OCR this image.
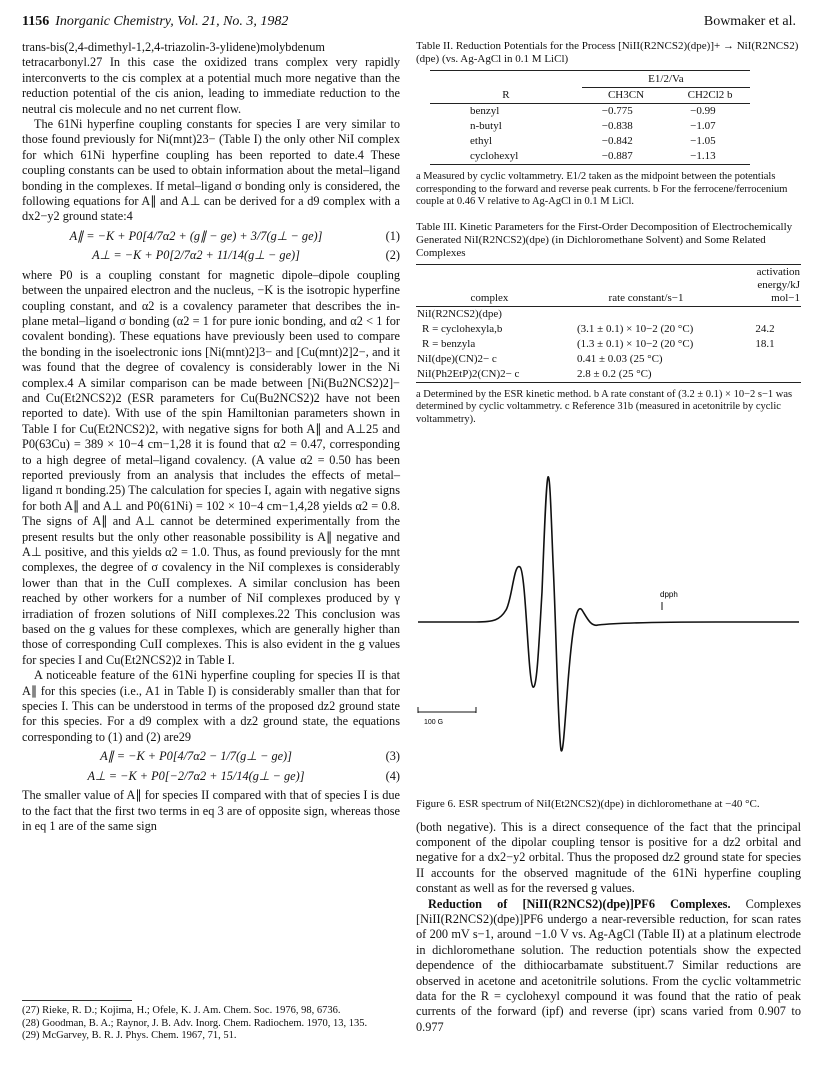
1156 Inorganic Chemistry, Vol. 21, No. 3, 1982	Bowmaker et al.

trans-bis(2,4-dimethyl-1,2,4-triazolin-3-ylidene)molybdenum tetracarbonyl.27 In this case the oxidized trans complex very rapidly interconverts to the cis complex at a potential much more negative than the reduction potential of the cis anion, leading to immediate reduction to the neutral cis molecule and no net current flow.

The 61Ni hyperfine coupling constants for species I are very similar to those found previously for Ni(mnt)23− (Table I) the only other NiI complex for which 61Ni hyperfine coupling has been reported to date.4 These coupling constants can be used to obtain information about the metal–ligand bonding in the complexes. If metal–ligand σ bonding only is considered, the following equations for A∥ and A⊥ can be derived for a d9 complex with a dx2−y2 ground state:4

A∥ = −K + P0[4/7α2 + (g∥ − ge) + 3/7(g⊥ − ge)]	(1)
A⊥ = −K + P0[2/7α2 + 11/14(g⊥ − ge)]	(2)

where P0 is a coupling constant for magnetic dipole–dipole coupling between the unpaired electron and the nucleus, −K is the isotropic hyperfine coupling constant, and α2 is a covalency parameter that describes the in-plane metal–ligand σ bonding (α2 = 1 for pure ionic bonding, and α2 < 1 for covalent bonding). These equations have previously been used to compare the bonding in the isoelectronic ions [Ni(mnt)2]3− and [Cu(mnt)2]2−, and it was found that the degree of covalency is considerably lower in the Ni complex.4 A similar comparison can be made between [Ni(Bu2NCS2)2]− and Cu(Et2NCS2)2 (ESR parameters for Cu(Bu2NCS2)2 have not been reported to date). With use of the spin Hamiltonian parameters shown in Table I for Cu(Et2NCS2)2, with negative signs for both A∥ and A⊥25 and P0(63Cu) = 389 × 10−4 cm−1,28 it is found that α2 = 0.47, corresponding to a high degree of metal–ligand covalency. (A value α2 = 0.50 has been reported previously from an analysis that includes the effects of metal–ligand π bonding.25) The calculation for species I, again with negative signs for both A∥ and A⊥ and P0(61Ni) = 102 × 10−4 cm−1,4,28 yields α2 = 0.8. The signs of A∥ and A⊥ cannot be determined experimentally from the present results but the only other reasonable possibility is A∥ negative and A⊥ positive, and this yields α2 = 1.0. Thus, as found previously for the mnt complexes, the degree of σ covalency in the NiI complexes is considerably lower than that in the CuII complexes. A similar conclusion has been reached by other workers for a number of NiI complexes produced by γ irradiation of frozen solutions of NiII complexes.22 This conclusion was based on the g values for these complexes, which are generally higher than those of corresponding CuII complexes. This is also evident in the g values for species I and Cu(Et2NCS2)2 in Table I.

A noticeable feature of the 61Ni hyperfine coupling for species II is that A∥ for this species (i.e., A1 in Table I) is considerably smaller than that for species I. This can be understood in terms of the proposed dz2 ground state for this species. For a d9 complex with a dz2 ground state, the equations corresponding to (1) and (2) are29

A∥ = −K + P0[4/7α2 − 1/7(g⊥ − ge)]	(3)
A⊥ = −K + P0[−2/7α2 + 15/14(g⊥ − ge)]	(4)

The smaller value of A∥ for species II compared with that of species I is due to the fact that the first two terms in eq 3 are of opposite sign, whereas those in eq 1 are of the same sign

(27) Rieke, R. D.; Kojima, H.; Ofele, K. J. Am. Chem. Soc. 1976, 98, 6736.

(28) Goodman, B. A.; Raynor, J. B. Adv. Inorg. Chem. Radiochem. 1970, 13, 135.

(29) McGarvey, B. R. J. Phys. Chem. 1967, 71, 51.

Table II. Reduction Potentials for the Process [NiII(R2NCS2)(dpe)]+ → NiI(R2NCS2)(dpe) (vs. Ag-AgCl in 0.1 M LiCl)

	E1/2/Va	
R	CH3CN	CH2Cl2 b
benzyl	−0.775	−0.99
n-butyl	−0.838	−1.07
ethyl	−0.842	−1.05
cyclohexyl	−0.887	−1.13

a Measured by cyclic voltammetry. E1/2 taken as the midpoint between the potentials corresponding to the forward and reverse peak currents. b For the ferrocene/ferrocenium couple at 0.46 V relative to Ag-AgCl in 0.1 M LiCl.

Table III. Kinetic Parameters for the First-Order Decomposition of Electrochemically Generated NiI(R2NCS2)(dpe) (in Dichloromethane Solvent) and Some Related Complexes

complex	rate constant/s−1	activation energy/kJ mol−1
NiI(R2NCS2)(dpe)		
R = cyclohexyla,b	(3.1 ± 0.1) × 10−2 (20 °C)	24.2
R = benzyla	(1.3 ± 0.1) × 10−2 (20 °C)	18.1
NiI(dpe)(CN)2− c	0.41 ± 0.03 (25 °C)	
NiI(Ph2EtP)2(CN)2− c	2.8 ± 0.2 (25 °C)	

a Determined by the ESR kinetic method. b A rate constant of (3.2 ± 0.1) × 10−2 s−1 was determined by cyclic voltammetry. c Reference 31b (measured in acetonitrile by cyclic voltammetry).

dpph
100 G

Figure 6. ESR spectrum of NiI(Et2NCS2)(dpe) in dichloromethane at −40 °C.

(both negative). This is a direct consequence of the fact that the principal component of the dipolar coupling tensor is positive for a dz2 orbital and negative for a dx2−y2 orbital. Thus the proposed dz2 ground state for species II accounts for the observed magnitude of the 61Ni hyperfine coupling constant as well as for the reversed g values.

Reduction of [NiII(R2NCS2)(dpe)]PF6 Complexes. Complexes [NiII(R2NCS2)(dpe)]PF6 undergo a near-reversible reduction, for scan rates of 200 mV s−1, around −1.0 V vs. Ag-AgCl (Table II) at a platinum electrode in dichloromethane solution. The reduction potentials show the expected dependence of the dithiocarbamate substituent.7 Similar reductions are observed in acetone and acetonitrile solutions. From the cyclic voltammetric data for the R = cyclohexyl compound it was found that the ratio of peak currents of the forward (ipf) and reverse (ipr) scans varied from 0.907 to 0.977
